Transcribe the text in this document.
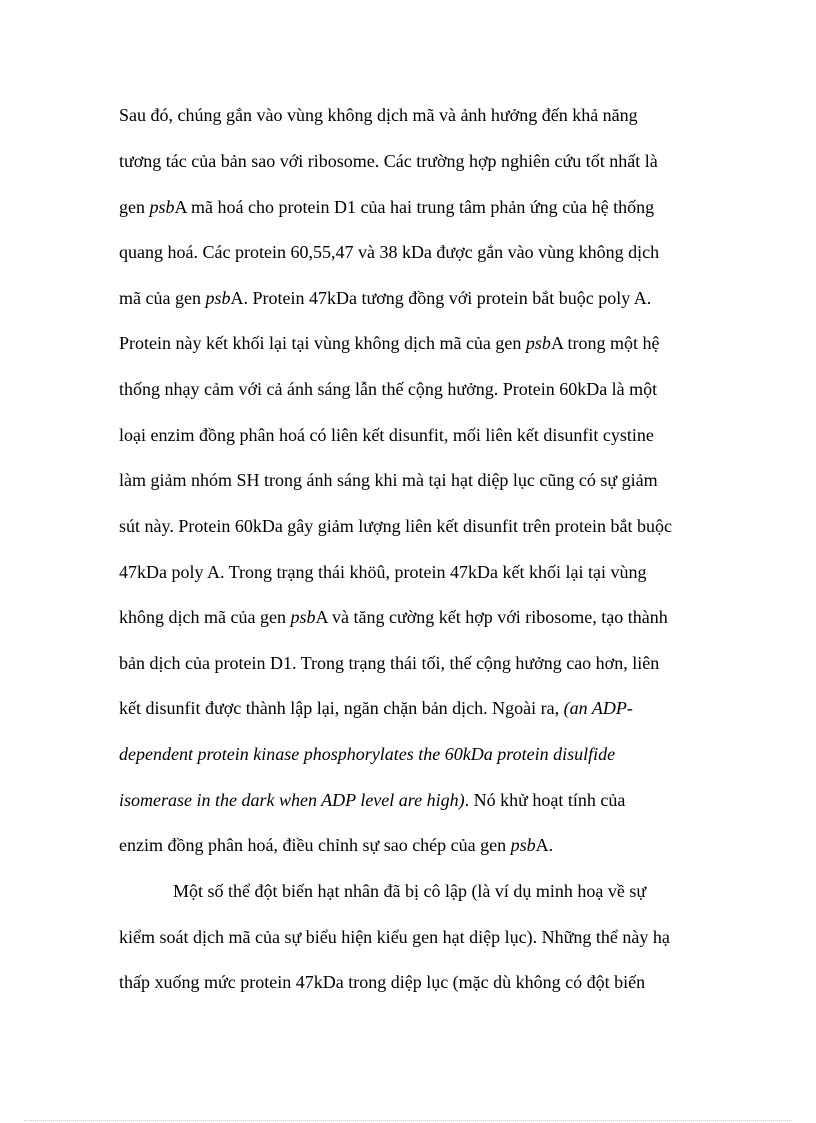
Sau đó, chúng gắn vào vùng không dịch mã và ảnh hưởng đến khả năng
tương tác của bản sao với ribosome. Các trường hợp nghiên cứu tốt nhất là
gen psbA mã hoá cho protein D1 của hai trung tâm phản ứng của hệ thống
quang hoá. Các protein 60,55,47 và 38 kDa được gắn vào vùng không dịch
mã của gen psbA. Protein 47kDa tương đồng với protein bắt buộc poly A.
Protein này kết khối lại tại vùng không dịch mã của gen psbA trong một hệ
thống nhạy cảm với cả ánh sáng lẫn thế cộng hưởng. Protein 60kDa là một
loại enzim đồng phân hoá có liên kết disunfit, mối liên kết disunfit cystine
làm giảm nhóm SH trong ánh sáng khi mà tại hạt diệp lục cũng có sự giảm
sút này. Protein 60kDa gây giảm lượng liên kết disunfit trên protein bắt buộc
47kDa poly A. Trong trạng thái khöû, protein 47kDa kết khối lại tại vùng
không dịch mã của gen psbA và tăng cường kết hợp với ribosome, tạo thành
bản dịch của protein D1. Trong trạng thái tối, thế cộng hưởng cao hơn, liên
kết disunfit được thành lập lại, ngăn chặn bản dịch. Ngoài ra, (an ADP-
dependent protein kinase phosphorylates the 60kDa protein disulfide
isomerase in the dark when ADP level are high). Nó khử hoạt tính của
enzim đồng phân hoá, điều chỉnh sự sao chép của gen psbA.
Một số thể đột biến hạt nhân đã bị cô lập (là ví dụ minh hoạ về sự
kiểm soát dịch mã của sự biểu hiện kiểu gen hạt diệp lục). Những thể này hạ
thấp xuống mức protein 47kDa trong diệp lục (mặc dù không có đột biến
